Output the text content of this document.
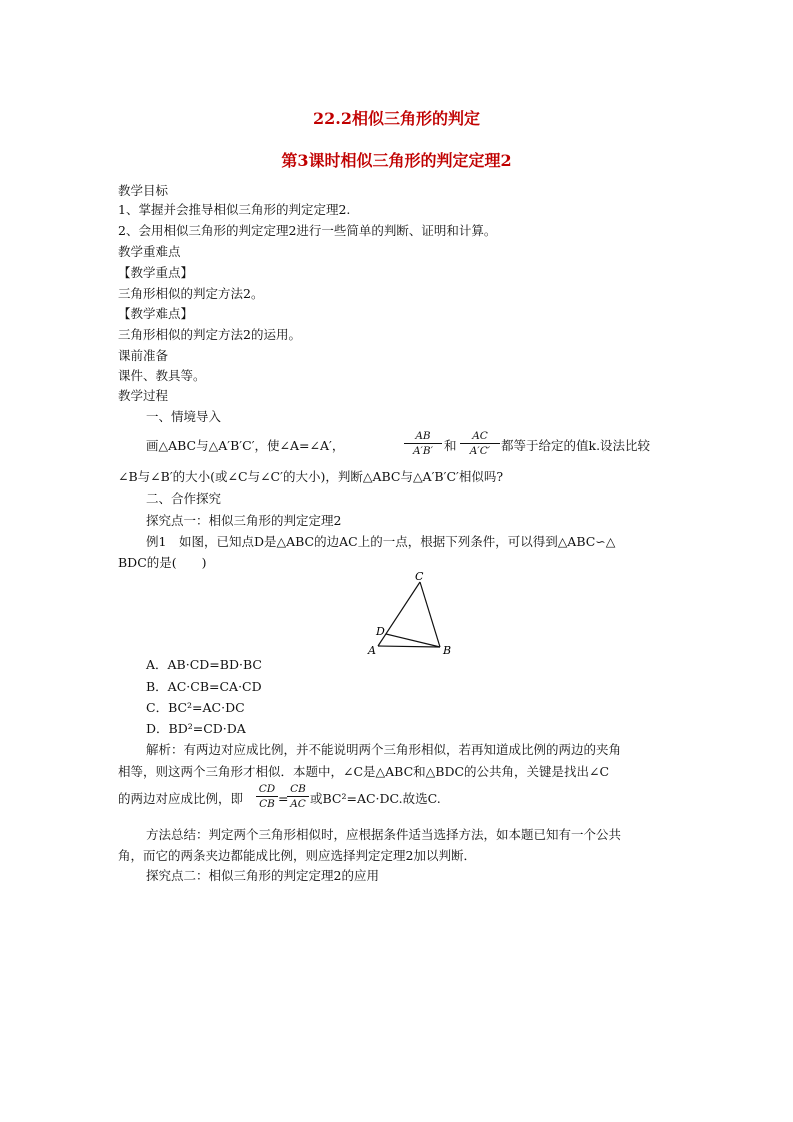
22.2相似三角形的判定
第3课时相似三角形的判定定理2
教学目标
1、掌握并会推导相似三角形的判定定理2.
2、会用相似三角形的判定定理2进行一些简单的判断、证明和计算。
教学重难点
【教学重点】
三角形相似的判定方法2。
【教学难点】
三角形相似的判定方法2的运用。
课前准备
课件、教具等。
教学过程
一、情境导入
画△ABC与△A′B′C′，使∠A=∠A′，
AB
A′B′ 和
AC
A′C′ 都等于给定的值k.设法比较
∠B与∠B′的大小(或∠C与∠C′的大小)，判断△ABC与△A′B′C′相似吗?
二、合作探究
探究点一：相似三角形的判定定理2
例1　如图，已知点D是△ABC的边AC上的一点，根据下列条件，可以得到△ABC∽△
BDC的是(　　)
C
D
A	B
A．AB·CD=BD·BC
B．AC·CB=CA·CD
C．BC²=AC·DC
D．BD²=CD·DA
解析：有两边对应成比例，并不能说明两个三角形相似，若再知道成比例的两边的夹角
相等，则这两个三角形才相似．本题中，∠C是△ABC和△BDC的公共角，关键是找出∠C
的两边对应成比例，即
CD
CB =
CB
AC 或BC²=AC·DC.故选C.
方法总结：判定两个三角形相似时，应根据条件适当选择方法，如本题已知有一个公共
角，而它的两条夹边都能成比例，则应选择判定定理2加以判断．
探究点二：相似三角形的判定定理2的应用
